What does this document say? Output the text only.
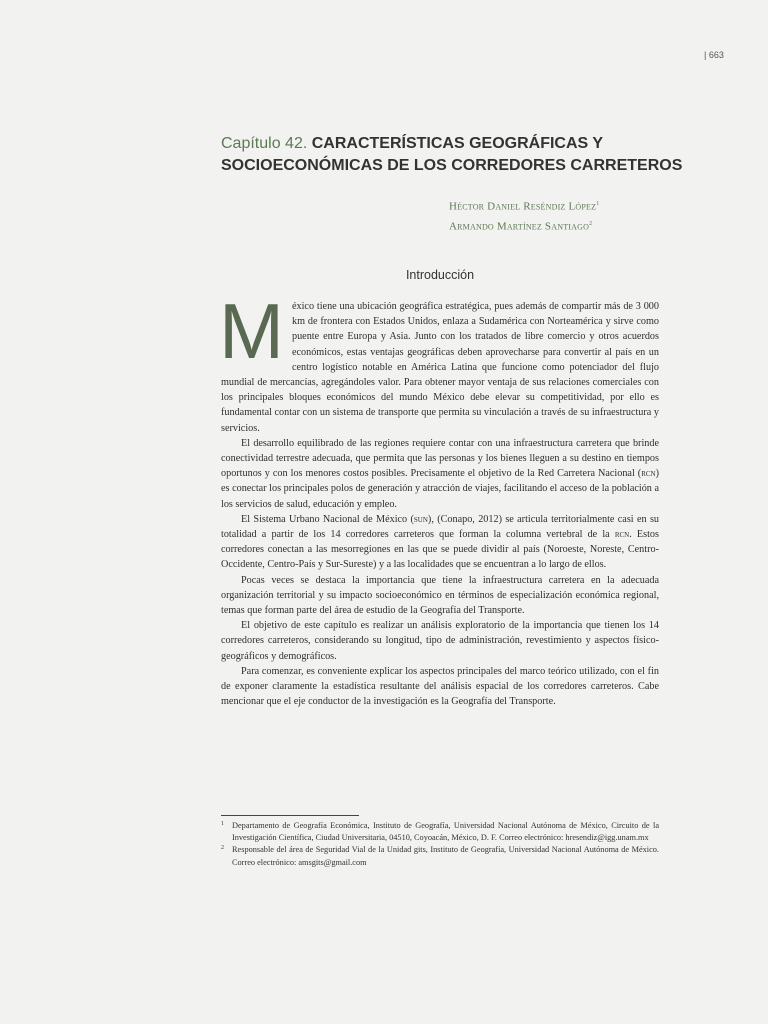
| 663
Capítulo 42. CARACTERÍSTICAS GEOGRÁFICAS Y
SOCIOECONÓMICAS DE LOS CORREDORES CARRETEROS
Héctor Daniel Reséndiz López$^1$
Armando Martínez Santiago$^2$
Introducción
M éxico tiene una ubicación geográfica estratégica, pues además de compartir más de 3 000 km de frontera con Estados Unidos, enlaza a Sudamérica con Norteamérica y sirve como puente entre Europa y Asia. Junto con los tratados de libre comercio y otros acuerdos económicos, estas ventajas geográficas deben aprovecharse para convertir al país en un centro logístico notable en América Latina que funcione como potenciador del flujo mundial de mercancías, agregándoles valor. Para obtener mayor ventaja de sus relaciones comerciales con los principales bloques económicos del mundo México debe elevar su competitividad, por ello es fundamental contar con un sistema de transporte que permita su vinculación a través de su infraestructura y servicios.

El desarrollo equilibrado de las regiones requiere contar con una infraestructura carretera que brinde conectividad terrestre adecuada, que permita que las personas y los bienes lleguen a su destino en tiempos oportunos y con los menores costos posibles. Precisamente el objetivo de la Red Carretera Nacional (rcn) es conectar los principales polos de generación y atracción de viajes, facilitando el acceso de la población a los servicios de salud, educación y empleo.

El Sistema Urbano Nacional de México (sun), (Conapo, 2012) se articula territorialmente casi en su totalidad a partir de los 14 corredores carreteros que forman la columna vertebral de la rcn. Estos corredores conectan a las mesorregiones en las que se puede dividir al país (Noroeste, Noreste, Centro-Occidente, Centro-País y Sur-Sureste) y a las localidades que se encuentran a lo largo de ellos.

Pocas veces se destaca la importancia que tiene la infraestructura carretera en la adecuada organización territorial y su impacto socioeconómico en términos de especialización económica regional, temas que forman parte del área de estudio de la Geografía del Transporte.

El objetivo de este capítulo es realizar un análisis exploratorio de la importancia que tienen los 14 corredores carreteros, considerando su longitud, tipo de administración, revestimiento y aspectos físico-geográficos y demográficos.

Para comenzar, es conveniente explicar los aspectos principales del marco teórico utilizado, con el fin de exponer claramente la estadística resultante del análisis espacial de los corredores carreteros. Cabe mencionar que el eje conductor de la investigación es la Geografía del Transporte.

1 Departamento de Geografía Económica, Instituto de Geografía, Universidad Nacional Autónoma de México, Circuito de la Investigación Científica, Ciudad Universitaria, 04510, Coyoacán, México, D. F. Correo electrónico: hresendiz@igg.unam.mx
2 Responsable del área de Seguridad Vial de la Unidad gits, Instituto de Geografía, Universidad Nacional Autónoma de México. Correo electrónico: amsgits@gmail.com
